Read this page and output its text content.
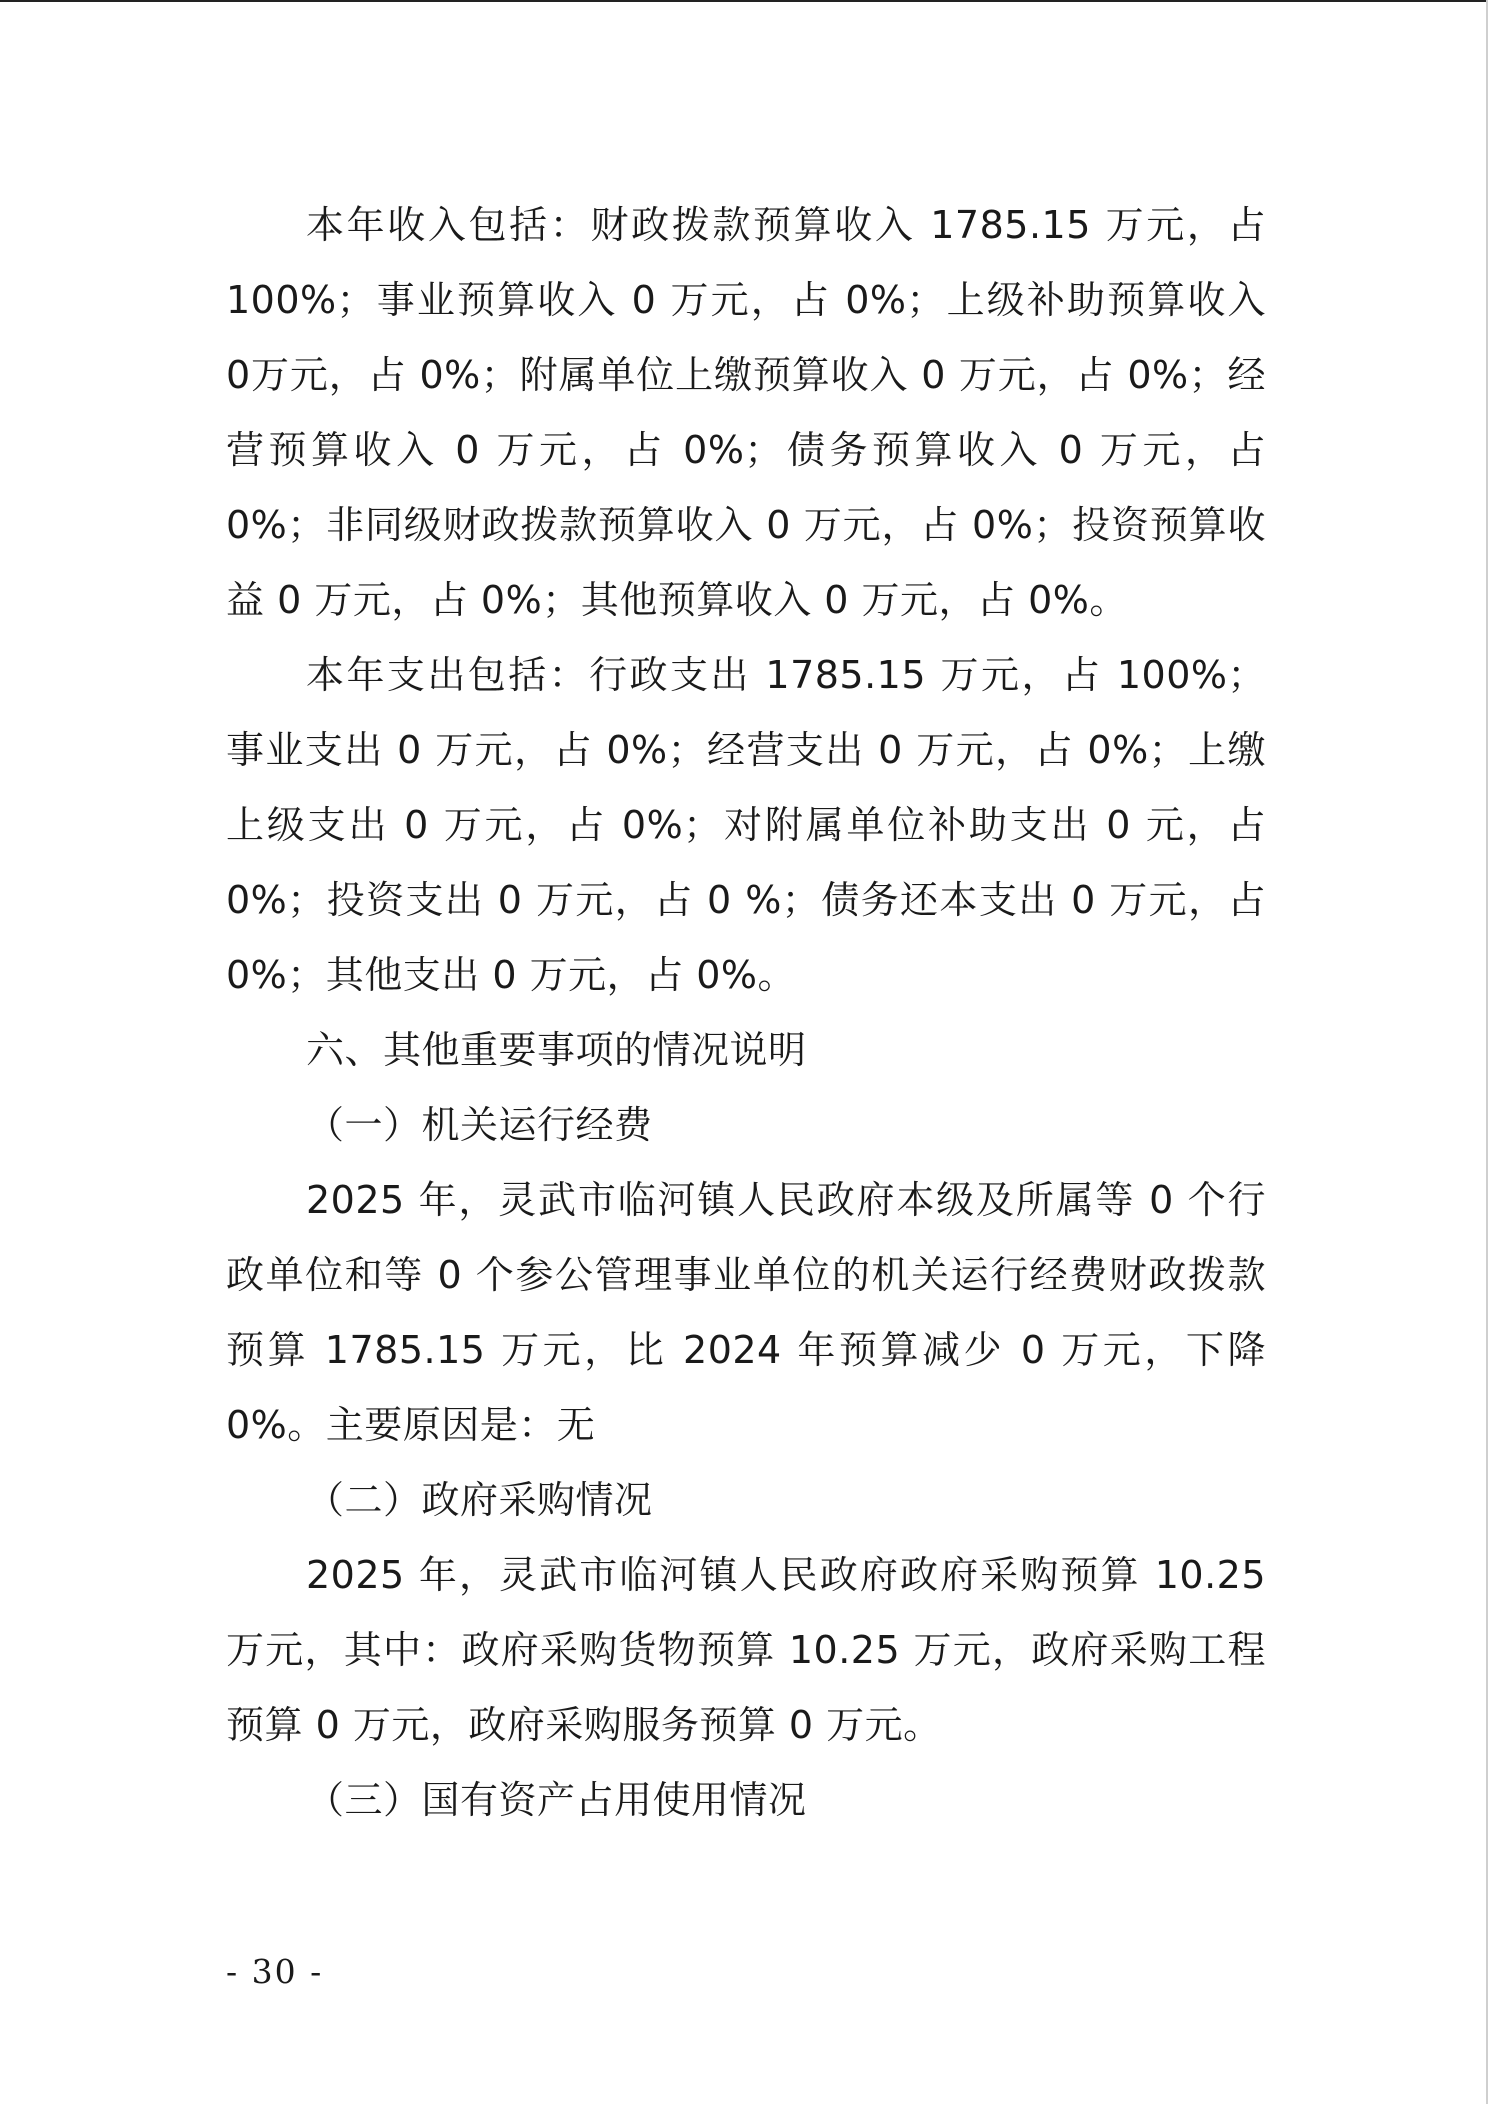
本年收入包括：财政拨款预算收入 1785.15 万元，占100%；事业预算收入 0 万元，占 0%；上级补助预算收入 0万元，占 0%；附属单位上缴预算收入 0 万元，占 0%；经营预算收入 0 万元，占 0%；债务预算收入 0 万元，占 0%；非同级财政拨款预算收入 0 万元，占 0%；投资预算收益 0 万元，占 0%；其他预算收入 0 万元，占 0%。

本年支出包括：行政支出 1785.15 万元，占 100%；事业支出 0 万元，占 0%；经营支出 0 万元，占 0%；上缴上级支出 0 万元，占 0%；对附属单位补助支出 0 元，占 0%；投资支出 0 万元，占 0 %；债务还本支出 0 万元，占 0%；其他支出 0 万元，占 0%。

六、其他重要事项的情况说明

（一）机关运行经费

2025 年，灵武市临河镇人民政府本级及所属等 0 个行政单位和等 0 个参公管理事业单位的机关运行经费财政拨款预算 1785.15 万元，比 2024 年预算减少 0 万元，下降 0%。主要原因是：无

（二）政府采购情况

2025 年，灵武市临河镇人民政府政府采购预算 10.25 万元，其中：政府采购货物预算 10.25 万元，政府采购工程预算 0 万元，政府采购服务预算 0 万元。

（三）国有资产占用使用情况

- 30 -
